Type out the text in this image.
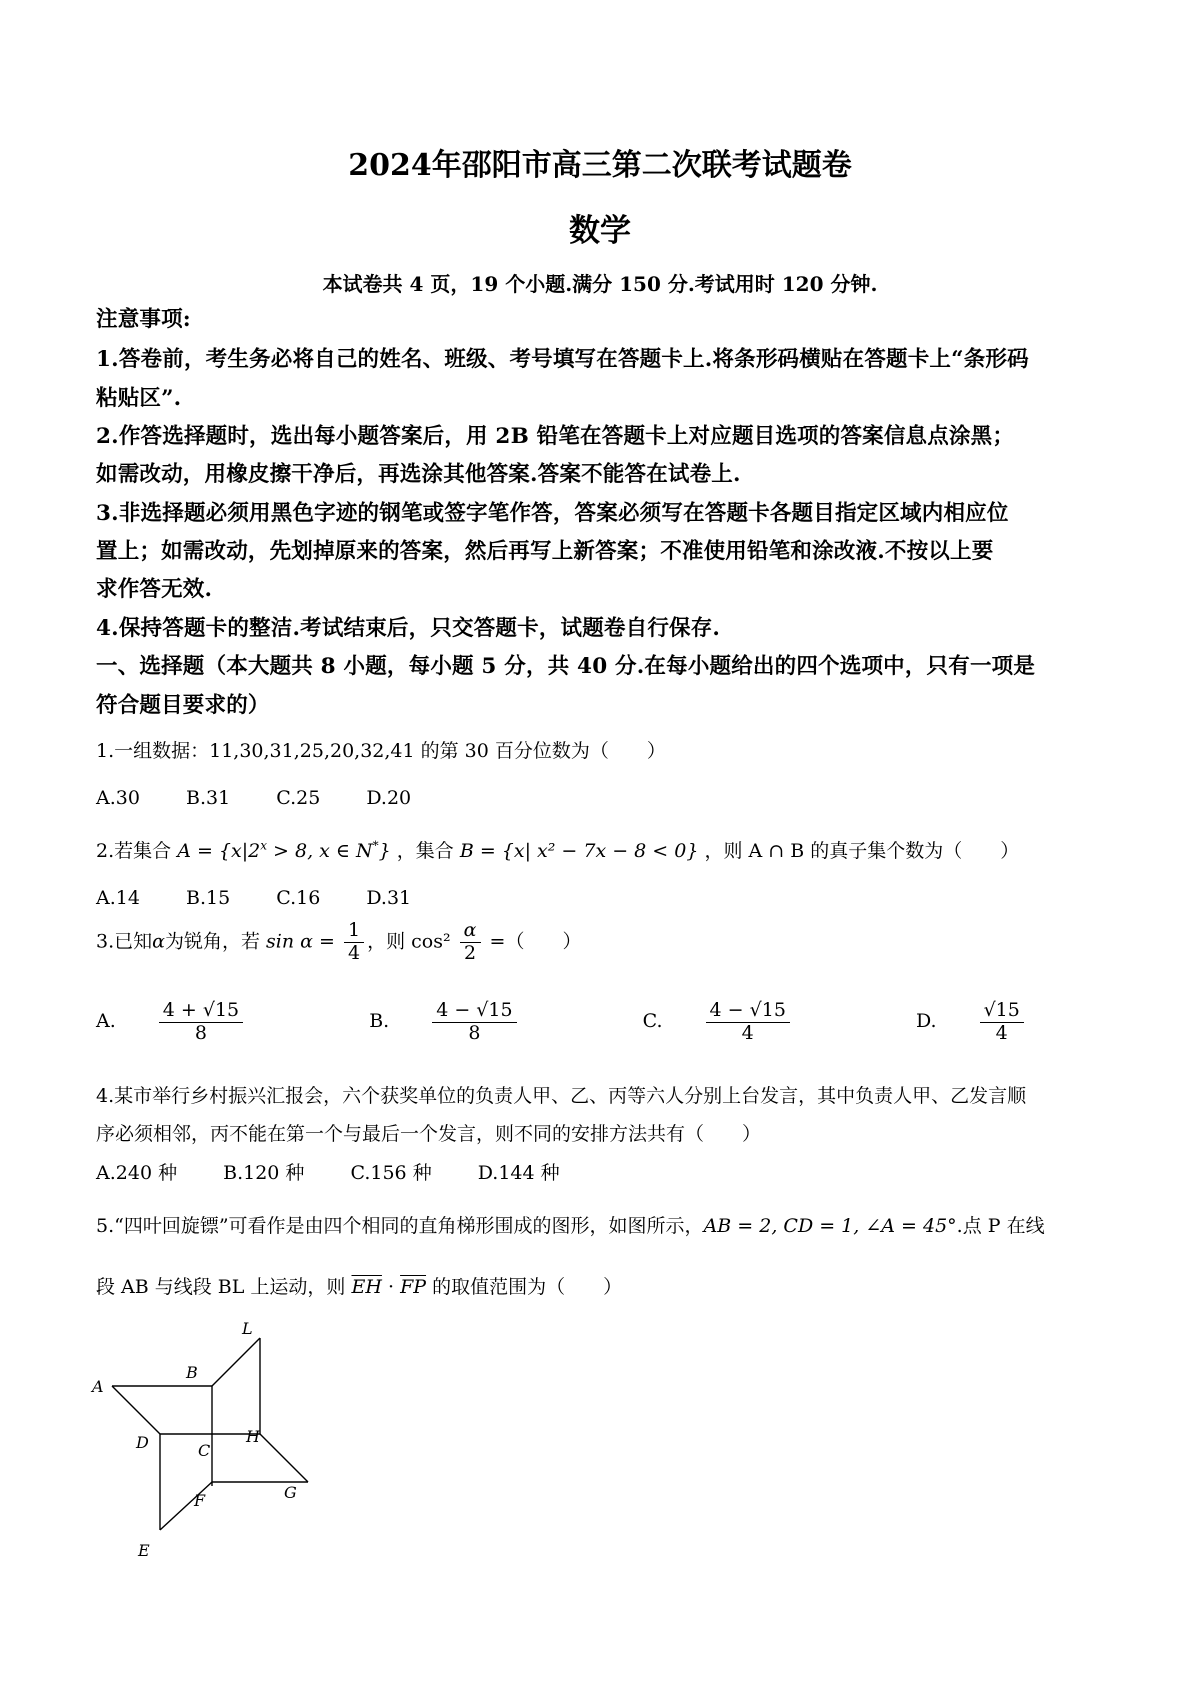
2024年邵阳市高三第二次联考试题卷
数学
本试卷共 4 页，19 个小题.满分 150 分.考试用时 120 分钟.
注意事项:
1.答卷前，考生务必将自己的姓名、班级、考号填写在答题卡上.将条形码横贴在答题卡上“条形码
粘贴区”.
2.作答选择题时，选出每小题答案后，用 2B 铅笔在答题卡上对应题目选项的答案信息点涂黑；
如需改动，用橡皮擦干净后，再选涂其他答案.答案不能答在试卷上.
3.非选择题必须用黑色字迹的钢笔或签字笔作答，答案必须写在答题卡各题目指定区域内相应位
置上；如需改动，先划掉原来的答案，然后再写上新答案；不准使用铅笔和涂改液.不按以上要
求作答无效.
4.保持答题卡的整洁.考试结束后，只交答题卡，试题卷自行保存.
一、选择题（本大题共 8 小题，每小题 5 分，共 40 分.在每小题给出的四个选项中，只有一项是
符合题目要求的）
1.一组数据：11,30,31,25,20,32,41 的第 30 百分位数为（　　）
A.30 B.31 C.25 D.20
2.若集合 $A = \{x|2^x > 8$, x ∈ N*} ，集合 B = {x| x² − 7x − 8 < 0} ，则 A ∩ B 的真子集个数为（　　）
A.14 B.15 C.16 D.31
3.已知α为锐角，若 $\sin \alpha = \frac{1}{4}$ ，则 $\cos^2 \frac{\alpha}{2}$ =（　　）
A. $\frac{4 + √15}{8}$	B. $\frac{4 - √15}{8}$	C. $\frac{4 - √15}{4}$	D. $\frac{√15}{4}$
4.某市举行乡村振兴汇报会，六个获奖单位的负责人甲、乙、丙等六人分别上台发言，其中负责人甲、乙发言顺
序必须相邻，丙不能在第一个与最后一个发言，则不同的安排方法共有（　　）
A.240 种 B.120 种 C.156 种 D.144 种
5.“四叶回旋镖”可看作是由四个相同的直角梯形围成的图形，如图所示，AB = 2, CD = 1, ∠A = 45°.点 P 在线
段 AB 与线段 BL 上运动，则 $\overline{EH} \cdot \overline{FP}$ 的取值范围为（　　）
A
B
L
D	C
H
F	G
E
